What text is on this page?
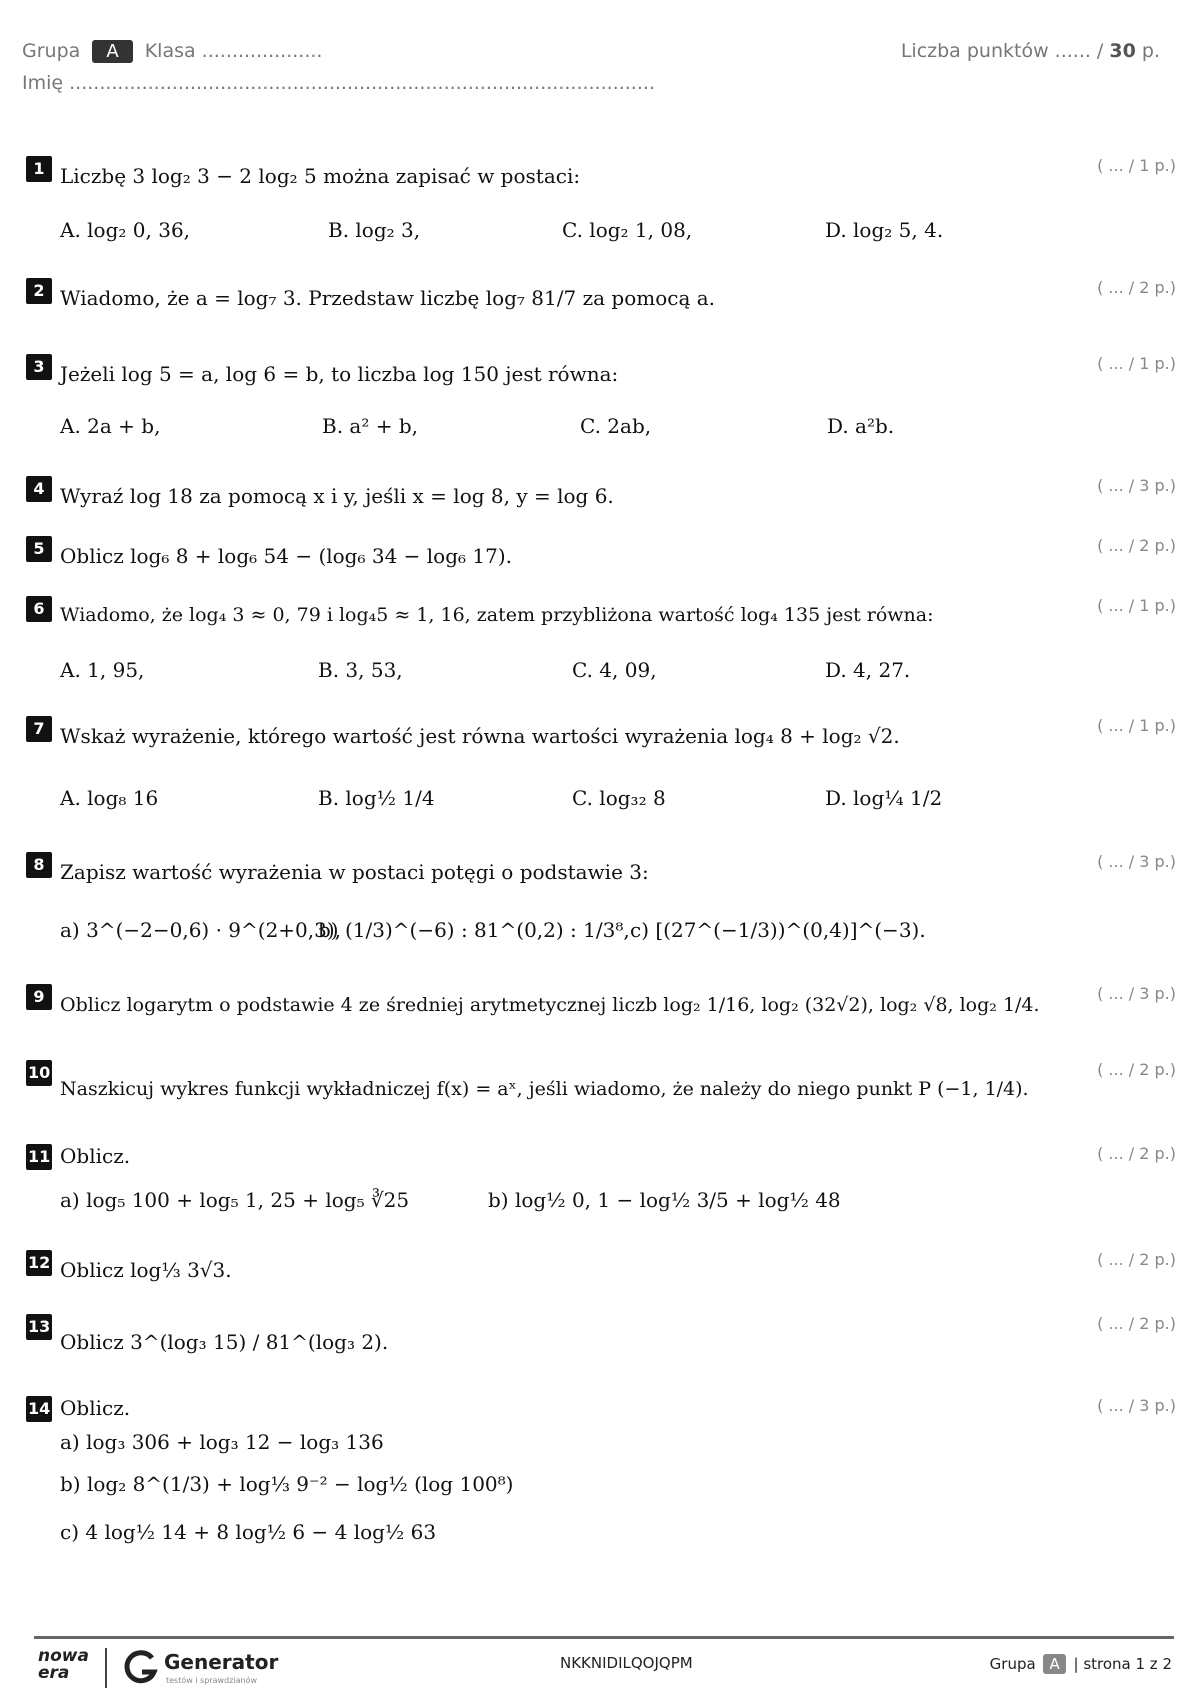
Grupa A Klasa ....................
Imię .................................................................................................
Liczba punktów ...... / 30 p.
1 Liczbę 3 log₂ 3 − 2 log₂ 5 można zapisać w postaci:	( ... / 1 p.)
A. log₂ 0, 36,	B. log₂ 3,	C. log₂ 1, 08,	D. log₂ 5, 4.
2 Wiadomo, że a = log₇ 3. Przedstaw liczbę log₇ 81/7 za pomocą a.	( ... / 2 p.)
3 Jeżeli log 5 = a, log 6 = b, to liczba log 150 jest równa:	( ... / 1 p.)
A. 2a + b,	B. a² + b,	C. 2ab,	D. a²b.
4 Wyraź log 18 za pomocą x i y, jeśli x = log 8, y = log 6.	( ... / 3 p.)
5 Oblicz log₆ 8 + log₆ 54 − (log₆ 34 − log₆ 17).	( ... / 2 p.)
6 Wiadomo, że log₄ 3 ≈ 0, 79 i log₄5 ≈ 1, 16, zatem przybliżona wartość log₄ 135 jest równa:	( ... / 1 p.)
A. 1, 95,	B. 3, 53,	C. 4, 09,	D. 4, 27.
7 Wskaż wyrażenie, którego wartość jest równa wartości wyrażenia log₄ 8 + log₂ √2.	( ... / 1 p.)
A. log₈ 16	B. log½ 1/4	C. log₃₂ 8	D. log¼ 1/2
8 Zapisz wartość wyrażenia w postaci potęgi o podstawie 3:	( ... / 3 p.)
a) 3^(−2−0,6) · 9^(2+0,3),
b) (1/3)^(−6) : 81^(0,2) : 1/3⁸, c) [(27^(−1/3))^(0,4)]^(−3).
9 Oblicz logarytm o podstawie 4 ze średniej arytmetycznej liczb log₂ 1/16, log₂ (32√2), log₂ √8, log₂ 1/4.
( ... / 3 p.)
10
Naszkicuj wykres funkcji wykładniczej f(x) = aˣ, jeśli wiadomo, że należy do niego punkt P (−1, 1/4).
( ... / 2 p.)
11 Oblicz.	( ... / 2 p.)
a) log₅ 100 + log₅ 1, 25 + log₅ ∛25	b) log½ 0, 1 − log½ 3/5 + log½ 48
12 Oblicz log⅓ 3√3.	( ... / 2 p.)
13
Oblicz 3^(log₃ 15) / 81^(log₃ 2).
( ... / 2 p.)
14 Oblicz.	( ... / 3 p.)
a) log₃ 306 + log₃ 12 − log₃ 136
b) log₂ 8^(1/3) + log⅓ 9⁻² − log½ (log 100⁸)
c) 4 log½ 14 + 8 log½ 6 − 4 log½ 63
nowa era	Generator
testów i sprawdzianów
NKKNIDILQOJQPM	Grupa A | strona 1 z 2
